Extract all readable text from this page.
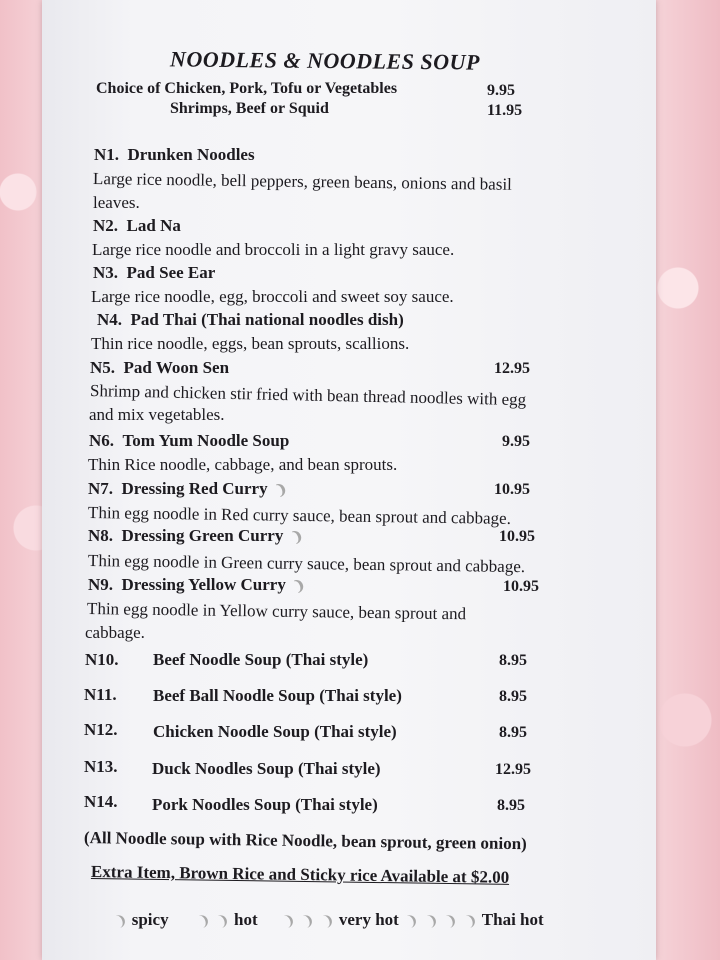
NOODLES & NOODLES SOUP
Choice of Chicken, Pork, Tofu or Vegetables	9.95
Shrimps, Beef or Squid	11.95
N1. Drunken Noodles
Large rice noodle, bell peppers, green beans, onions and basil
leaves.
N2. Lad Na
Large rice noodle and broccoli in a light gravy sauce.
N3. Pad See Ear
Large rice noodle, egg, broccoli and sweet soy sauce.
N4. Pad Thai (Thai national noodles dish)
Thin rice noodle, eggs, bean sprouts, scallions.
N5. Pad Woon Sen	12.95
Shrimp and chicken stir fried with bean thread noodles with egg
and mix vegetables.
N6. Tom Yum Noodle Soup	9.95
Thin Rice noodle, cabbage, and bean sprouts.
N7. Dressing Red Curry ❩	10.95
Thin egg noodle in Red curry sauce, bean sprout and cabbage.
N8. Dressing Green Curry ❩	10.95
Thin egg noodle in Green curry sauce, bean sprout and cabbage.
N9. Dressing Yellow Curry ❩	10.95
Thin egg noodle in Yellow curry sauce, bean sprout and
cabbage.
N10. Beef Noodle Soup (Thai style)	8.95
N11. Beef Ball Noodle Soup (Thai style)	8.95
N12. Chicken Noodle Soup (Thai style)	8.95
N13. Duck Noodles Soup (Thai style)	12.95
N14. Pork Noodles Soup (Thai style)	8.95
(All Noodle soup with Rice Noodle, bean sprout, green onion)
Extra Item, Brown Rice and Sticky rice Available at $2.00
❩ spicy ❩ ❩ hot ❩ ❩ ❩ very hot ❩ ❩ ❩ ❩ Thai hot
